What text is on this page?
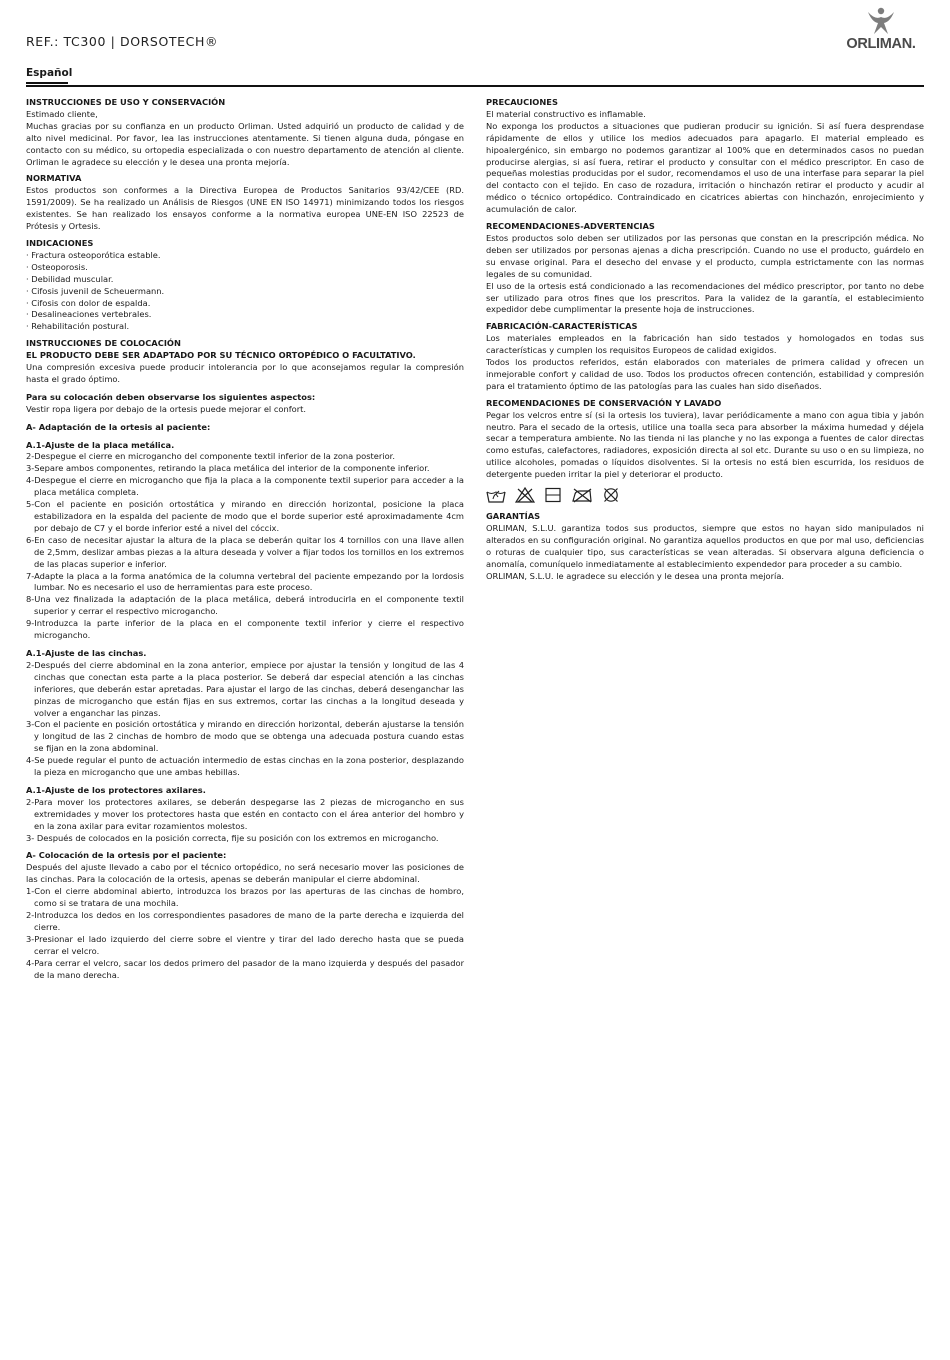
REF.: TC300 | DORSOTECH®	ORLIMAN.
Español

INSTRUCCIONES DE USO Y CONSERVACIÓN

Estimado cliente,

Muchas gracias por su confianza en un producto Orliman. Usted adquirió un producto de calidad y de alto nivel medicinal. Por favor, lea las instrucciones atentamente. Si tienen alguna duda, póngase en contacto con su médico, su ortopedia especializada o con nuestro departamento de atención al cliente. Orliman le agradece su elección y le desea una pronta mejoría.

NORMATIVA

Estos productos son conformes a la Directiva Europea de Productos Sanitarios 93/42/CEE (RD. 1591/2009). Se ha realizado un Análisis de Riesgos (UNE EN ISO 14971) minimizando todos los riesgos existentes. Se han realizado los ensayos conforme a la normativa europea UNE-EN ISO 22523 de Prótesis y Ortesis.

INDICACIONES

· Fractura osteoporótica estable.

· Osteoporosis.

· Debilidad muscular.

· Cifosis juvenil de Scheuermann.

· Cifosis con dolor de espalda.

· Desalineaciones vertebrales.

· Rehabilitación postural.

INSTRUCCIONES DE COLOCACIÓN

EL PRODUCTO DEBE SER ADAPTADO POR SU TÉCNICO ORTOPÉDICO O FACULTATIVO.

Una compresión excesiva puede producir intolerancia por lo que aconsejamos regular la compresión hasta el grado óptimo.

Para su colocación deben observarse los siguientes aspectos:

Vestir ropa ligera por debajo de la ortesis puede mejorar el confort.

A- Adaptación de la ortesis al paciente:

A.1-Ajuste de la placa metálica.

2-Despegue el cierre en microgancho del componente textil inferior de la zona posterior.

3-Separe ambos componentes, retirando la placa metálica del interior de la componente inferior.

4-Despegue el cierre en microgancho que fija la placa a la componente textil superior para acceder a la placa metálica completa.

5-Con el paciente en posición ortostática y mirando en dirección horizontal, posicione la placa estabilizadora en la espalda del paciente de modo que el borde superior esté aproximadamente 4cm por debajo de C7 y el borde inferior esté a nivel del cóccix.

6-En caso de necesitar ajustar la altura de la placa se deberán quitar los 4 tornillos con una llave allen de 2,5mm, deslizar ambas piezas a la altura deseada y volver a fijar todos los tornillos en los extremos de las placas superior e inferior.

7-Adapte la placa a la forma anatómica de la columna vertebral del paciente empezando por la lordosis lumbar. No es necesario el uso de herramientas para este proceso.

8-Una vez finalizada la adaptación de la placa metálica, deberá introducirla en el componente textil superior y cerrar el respectivo microgancho.

9-Introduzca la parte inferior de la placa en el componente textil inferior y cierre el respectivo microgancho.

A.1-Ajuste de las cinchas.

2-Después del cierre abdominal en la zona anterior, empiece por ajustar la tensión y longitud de las 4 cinchas que conectan esta parte a la placa posterior. Se deberá dar especial atención a las cinchas inferiores, que deberán estar apretadas. Para ajustar el largo de las cinchas, deberá desenganchar las pinzas de microgancho que están fijas en sus extremos, cortar las cinchas a la longitud deseada y volver a enganchar las pinzas.

3-Con el paciente en posición ortostática y mirando en dirección horizontal, deberán ajustarse la tensión y longitud de las 2 cinchas de hombro de modo que se obtenga una adecuada postura cuando estas se fijan en la zona abdominal.

4-Se puede regular el punto de actuación intermedio de estas cinchas en la zona posterior, desplazando la pieza en microgancho que une ambas hebillas.

A.1-Ajuste de los protectores axilares.

2-Para mover los protectores axilares, se deberán despegarse las 2 piezas de microgancho en sus extremidades y mover los protectores hasta que estén en contacto con el área anterior del hombro y en la zona axilar para evitar rozamientos molestos.

3- Después de colocados en la posición correcta, fije su posición con los extremos en microgancho.

A- Colocación de la ortesis por el paciente:

Después del ajuste llevado a cabo por el técnico ortopédico, no será necesario mover las posiciones de las cinchas. Para la colocación de la ortesis, apenas se deberán manipular el cierre abdominal.

1-Con el cierre abdominal abierto, introduzca los brazos por las aperturas de las cinchas de hombro, como si se tratara de una mochila.

2-Introduzca los dedos en los correspondientes pasadores de mano de la parte derecha e izquierda del cierre.

3-Presionar el lado izquierdo del cierre sobre el vientre y tirar del lado derecho hasta que se pueda cerrar el velcro.

4-Para cerrar el velcro, sacar los dedos primero del pasador de la mano izquierda y después del pasador de la mano derecha.

PRECAUCIONES

El material constructivo es inflamable.

No exponga los productos a situaciones que pudieran producir su ignición. Si así fuera desprendase rápidamente de ellos y utilice los medios adecuados para apagarlo. El material empleado es hipoalergénico, sin embargo no podemos garantizar al 100% que en determinados casos no puedan producirse alergias, si así fuera, retirar el producto y consultar con el médico prescriptor. En caso de pequeñas molestias producidas por el sudor, recomendamos el uso de una interfase para separar la piel del contacto con el tejido. En caso de rozadura, irritación o hinchazón retirar el producto y acudir al médico o técnico ortopédico. Contraindicado en cicatrices abiertas con hinchazón, enrojecimiento y acumulación de calor.

RECOMENDACIONES-ADVERTENCIAS

Estos productos solo deben ser utilizados por las personas que constan en la prescripción médica. No deben ser utilizados por personas ajenas a dicha prescripción. Cuando no use el producto, guárdelo en su envase original. Para el desecho del envase y el producto, cumpla estrictamente con las normas legales de su comunidad.

El uso de la ortesis está condicionado a las recomendaciones del médico prescriptor, por tanto no debe ser utilizado para otros fines que los prescritos. Para la validez de la garantía, el establecimiento expedidor debe cumplimentar la presente hoja de instrucciones.

FABRICACIÓN-CARACTERÍSTICAS

Los materiales empleados en la fabricación han sido testados y homologados en todas sus características y cumplen los requisitos Europeos de calidad exigidos.

Todos los productos referidos, están elaborados con materiales de primera calidad y ofrecen un inmejorable confort y calidad de uso. Todos los productos ofrecen contención, estabilidad y compresión para el tratamiento óptimo de las patologías para las cuales han sido diseñados.

RECOMENDACIONES DE CONSERVACIÓN Y LAVADO

Pegar los velcros entre sí (si la ortesis los tuviera), lavar periódicamente a mano con agua tibia y jabón neutro. Para el secado de la ortesis, utilice una toalla seca para absorber la máxima humedad y déjela secar a temperatura ambiente. No las tienda ni las planche y no las exponga a fuentes de calor directas como estufas, calefactores, radiadores, exposición directa al sol etc. Durante su uso o en su limpieza, no utilice alcoholes, pomadas o líquidos disolventes. Si la ortesis no está bien escurrida, los residuos de detergente pueden irritar la piel y deteriorar el producto.

GARANTÍAS

ORLIMAN, S.L.U. garantiza todos sus productos, siempre que estos no hayan sido manipulados ni alterados en su configuración original. No garantiza aquellos productos en que por mal uso, deficiencias o roturas de cualquier tipo, sus características se vean alteradas. Si observara alguna deficiencia o anomalía, comuníquelo inmediatamente al establecimiento expendedor para proceder a su cambio.

ORLIMAN, S.L.U. le agradece su elección y le desea una pronta mejoría.
